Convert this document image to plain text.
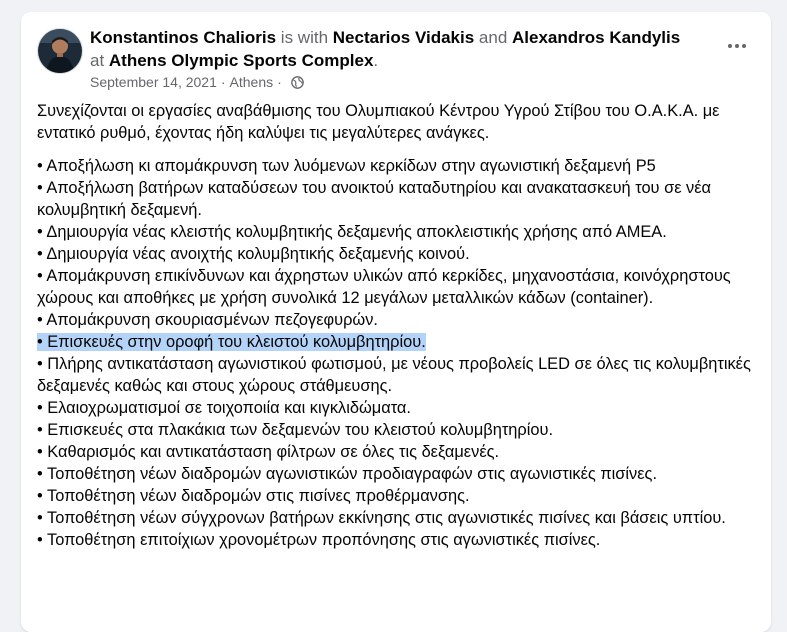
Konstantinos Chalioris is with Nectarios Vidakis and Alexandros Kandylis at Athens Olympic Sports Complex.
September 14, 2021 · Athens ·

Συνεχίζονται οι εργασίες αναβάθμισης του Ολυμπιακού Κέντρου Υγρού Στίβου του Ο.Α.Κ.Α. με εντατικό ρυθμό, έχοντας ήδη καλύψει τις μεγαλύτερες ανάγκες.

• Αποξήλωση κι απομάκρυνση των λυόμενων κερκίδων στην αγωνιστική δεξαμενή Ρ5

• Αποξήλωση βατήρων καταδύσεων του ανοικτού καταδυτηρίου και ανακατασκευή του σε νέα κολυμβητική δεξαμενή.

• Δημιουργία νέας κλειστής κολυμβητικής δεξαμενής αποκλειστικής χρήσης από ΑΜΕΑ.

• Δημιουργία νέας ανοιχτής κολυμβητικής δεξαμενής κοινού.

• Απομάκρυνση επικίνδυνων και άχρηστων υλικών από κερκίδες, μηχανοστάσια, κοινόχρηστους χώρους και αποθήκες με χρήση συνολικά 12 μεγάλων μεταλλικών κάδων (container).

• Απομάκρυνση σκουριασμένων πεζογεφυρών.

• Επισκευές στην οροφή του κλειστού κολυμβητηρίου.

• Πλήρης αντικατάσταση αγωνιστικού φωτισμού, με νέους προβολείς LED σε όλες τις κολυμβητικές δεξαμενές καθώς και στους χώρους στάθμευσης.

• Ελαιοχρωματισμοί σε τοιχοποιία και κιγκλιδώματα.

• Επισκευές στα πλακάκια των δεξαμενών του κλειστού κολυμβητηρίου.

• Καθαρισμός και αντικατάσταση φίλτρων σε όλες τις δεξαμενές.

• Τοποθέτηση νέων διαδρομών αγωνιστικών προδιαγραφών στις αγωνιστικές πισίνες.

• Τοποθέτηση νέων διαδρομών στις πισίνες προθέρμανσης.

• Τοποθέτηση νέων σύγχρονων βατήρων εκκίνησης στις αγωνιστικές πισίνες και βάσεις υπτίου.

• Τοποθέτηση επιτοίχιων χρονομέτρων προπόνησης στις αγωνιστικές πισίνες.
